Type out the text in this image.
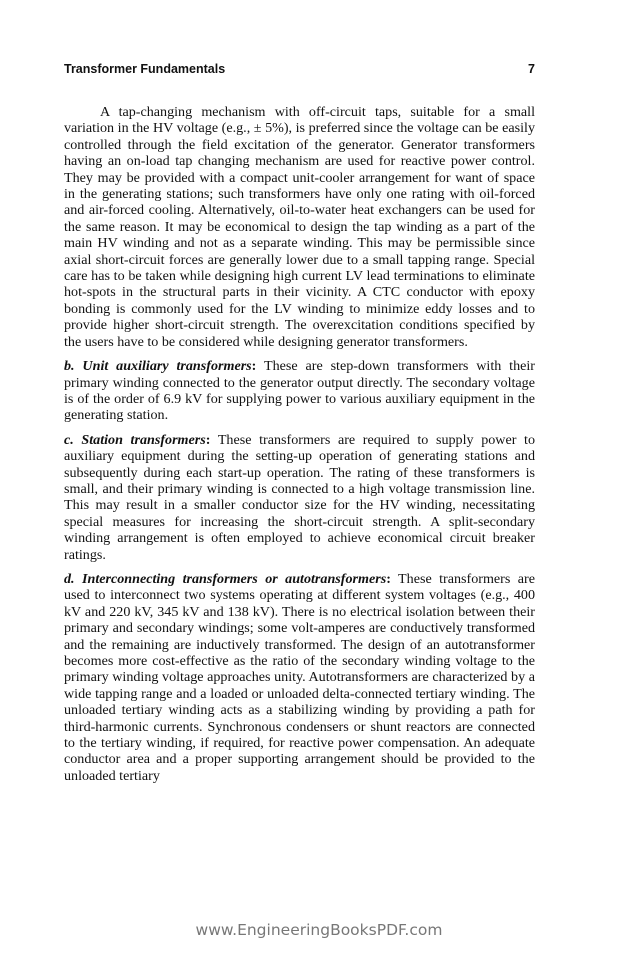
Transformer Fundamentals	7

A tap-changing mechanism with off-circuit taps, suitable for a small variation in the HV voltage (e.g., ± 5%), is preferred since the voltage can be easily controlled through the field excitation of the generator. Generator transformers having an on-load tap changing mechanism are used for reactive power control. They may be provided with a compact unit-cooler arrangement for want of space in the generating stations; such transformers have only one rating with oil-forced and air-forced cooling. Alternatively, oil-to-water heat exchangers can be used for the same reason. It may be economical to design the tap winding as a part of the main HV winding and not as a separate winding. This may be permissible since axial short-circuit forces are generally lower due to a small tapping range. Special care has to be taken while designing high current LV lead terminations to eliminate hot-spots in the structural parts in their vicinity. A CTC conductor with epoxy bonding is commonly used for the LV winding to minimize eddy losses and to provide higher short-circuit strength. The overexcitation conditions specified by the users have to be considered while designing generator transformers.

b. Unit auxiliary transformers: These are step-down transformers with their primary winding connected to the generator output directly. The secondary voltage is of the order of 6.9 kV for supplying power to various auxiliary equipment in the generating station.

c. Station transformers: These transformers are required to supply power to auxiliary equipment during the setting-up operation of generating stations and subsequently during each start-up operation. The rating of these transformers is small, and their primary winding is connected to a high voltage transmission line. This may result in a smaller conductor size for the HV winding, necessitating special measures for increasing the short-circuit strength. A split-secondary winding arrangement is often employed to achieve economical circuit breaker ratings.

d. Interconnecting transformers or autotransformers: These transformers are used to interconnect two systems operating at different system voltages (e.g., 400 kV and 220 kV, 345 kV and 138 kV). There is no electrical isolation between their primary and secondary windings; some volt-amperes are conductively transformed and the remaining are inductively transformed. The design of an autotransformer becomes more cost-effective as the ratio of the secondary winding voltage to the primary winding voltage approaches unity. Autotransformers are characterized by a wide tapping range and a loaded or unloaded delta-connected tertiary winding. The unloaded tertiary winding acts as a stabilizing winding by providing a path for third-harmonic currents. Synchronous condensers or shunt reactors are connected to the tertiary winding, if required, for reactive power compensation. An adequate conductor area and a proper supporting arrangement should be provided to the unloaded tertiary

www.EngineeringBooksPDF.com
